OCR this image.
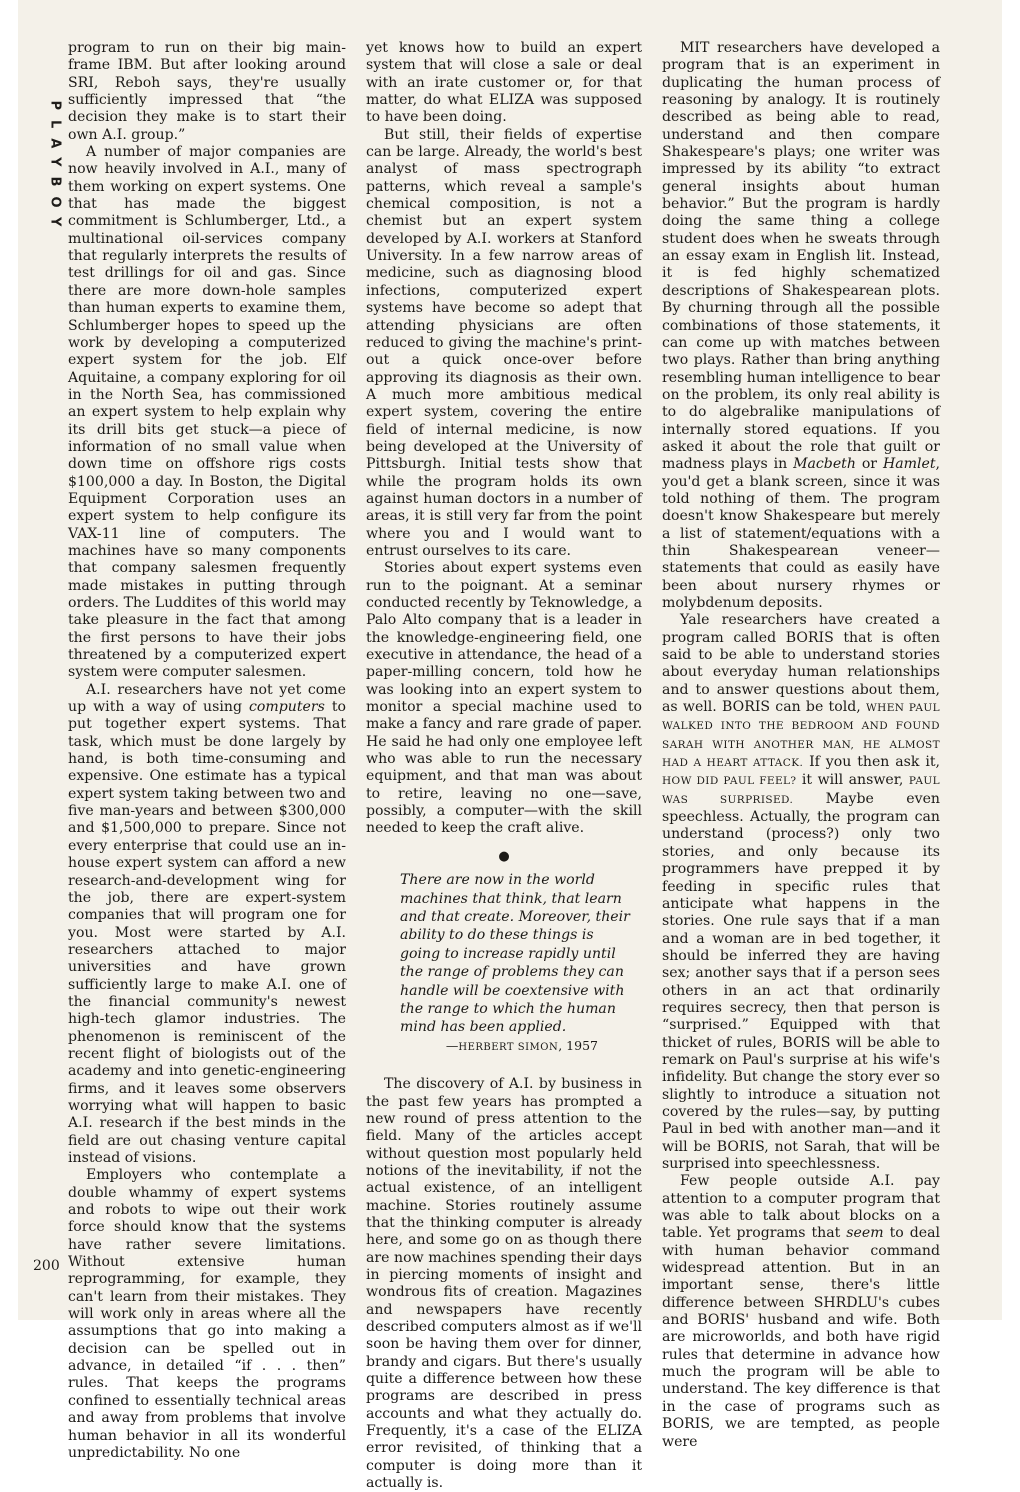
PLAYBOY
200

program to run on their big main-frame IBM. But after looking around SRI, Reboh says, they're usually sufficiently impressed that “the decision they make is to start their own A.I. group.”

A number of major companies are now heavily involved in A.I., many of them working on expert systems. One that has made the biggest commitment is Schlumberger, Ltd., a multinational oil-services company that regularly interprets the results of test drillings for oil and gas. Since there are more down-hole samples than human experts to examine them, Schlumberger hopes to speed up the work by developing a computerized expert system for the job. Elf Aquitaine, a company exploring for oil in the North Sea, has commissioned an expert system to help explain why its drill bits get stuck—a piece of information of no small value when down time on offshore rigs costs $100,000 a day. In Boston, the Digital Equipment Corporation uses an expert system to help configure its VAX-11 line of computers. The machines have so many components that company salesmen frequently made mistakes in putting through orders. The Luddites of this world may take pleasure in the fact that among the first persons to have their jobs threatened by a computerized expert system were computer salesmen.

A.I. researchers have not yet come up with a way of using computers to put together expert systems. That task, which must be done largely by hand, is both time-consuming and expensive. One estimate has a typical expert system taking between two and five man-years and between $300,000 and $1,500,000 to prepare. Since not every enterprise that could use an in-house expert system can afford a new research-and-development wing for the job, there are expert-system companies that will program one for you. Most were started by A.I. researchers attached to major universities and have grown sufficiently large to make A.I. one of the financial community's newest high-tech glamor industries. The phenomenon is reminiscent of the recent flight of biologists out of the academy and into genetic-engineering firms, and it leaves some observers worrying what will happen to basic A.I. research if the best minds in the field are out chasing venture capital instead of visions.

Employers who contemplate a double whammy of expert systems and robots to wipe out their work force should know that the systems have rather severe limitations. Without extensive human reprogramming, for example, they can't learn from their mistakes. They will work only in areas where all the assumptions that go into making a decision can be spelled out in advance, in detailed “if . . . then” rules. That keeps the programs confined to essentially technical areas and away from problems that involve human behavior in all its wonderful unpredictability. No one

yet knows how to build an expert system that will close a sale or deal with an irate customer or, for that matter, do what ELIZA was supposed to have been doing.

But still, their fields of expertise can be large. Already, the world's best analyst of mass spectrograph patterns, which reveal a sample's chemical composition, is not a chemist but an expert system developed by A.I. workers at Stanford University. In a few narrow areas of medicine, such as diagnosing blood infections, computerized expert systems have become so adept that attending physicians are often reduced to giving the machine's print-out a quick once-over before approving its diagnosis as their own. A much more ambitious medical expert system, covering the entire field of internal medicine, is now being developed at the University of Pittsburgh. Initial tests show that while the program holds its own against human doctors in a number of areas, it is still very far from the point where you and I would want to entrust ourselves to its care.

Stories about expert systems even run to the poignant. At a seminar conducted recently by Teknowledge, a Palo Alto company that is a leader in the knowledge-engineering field, one executive in attendance, the head of a paper-milling concern, told how he was looking into an expert system to monitor a special machine used to make a fancy and rare grade of paper. He said he had only one employee left who was able to run the necessary equipment, and that man was about to retire, leaving no one—save, possibly, a computer—with the skill needed to keep the craft alive.

●

There are now in the world machines that think, that learn and that create. Moreover, their ability to do these things is going to increase rapidly until the range of problems they can handle will be coextensive with the range to which the human mind has been applied.

—HERBERT SIMON, 1957

The discovery of A.I. by business in the past few years has prompted a new round of press attention to the field. Many of the articles accept without question most popularly held notions of the inevitability, if not the actual existence, of an intelligent machine. Stories routinely assume that the thinking computer is already here, and some go on as though there are now machines spending their days in piercing moments of insight and wondrous fits of creation. Magazines and newspapers have recently described computers almost as if we'll soon be having them over for dinner, brandy and cigars. But there's usually quite a difference between how these programs are described in press accounts and what they actually do. Frequently, it's a case of the ELIZA error revisited, of thinking that a computer is doing more than it actually is.

MIT researchers have developed a program that is an experiment in duplicating the human process of reasoning by analogy. It is routinely described as being able to read, understand and then compare Shakespeare's plays; one writer was impressed by its ability “to extract general insights about human behavior.” But the program is hardly doing the same thing a college student does when he sweats through an essay exam in English lit. Instead, it is fed highly schematized descriptions of Shakespearean plots. By churning through all the possible combinations of those statements, it can come up with matches between two plays. Rather than bring anything resembling human intelligence to bear on the problem, its only real ability is to do algebralike manipulations of internally stored equations. If you asked it about the role that guilt or madness plays in Macbeth or Hamlet, you'd get a blank screen, since it was told nothing of them. The program doesn't know Shakespeare but merely a list of statement/equations with a thin Shakespearean veneer—statements that could as easily have been about nursery rhymes or molybdenum deposits.

Yale researchers have created a program called BORIS that is often said to be able to understand stories about everyday human relationships and to answer questions about them, as well. BORIS can be told, WHEN PAUL WALKED INTO THE BEDROOM AND FOUND SARAH WITH ANOTHER MAN, HE ALMOST HAD A HEART ATTACK. If you then ask it, HOW DID PAUL FEEL? it will answer, PAUL WAS SURPRISED. Maybe even speechless. Actually, the program can understand (process?) only two stories, and only because its programmers have prepped it by feeding in specific rules that anticipate what happens in the stories. One rule says that if a man and a woman are in bed together, it should be inferred they are having sex; another says that if a person sees others in an act that ordinarily requires secrecy, then that person is “surprised.” Equipped with that thicket of rules, BORIS will be able to remark on Paul's surprise at his wife's infidelity. But change the story ever so slightly to introduce a situation not covered by the rules—say, by putting Paul in bed with another man—and it will be BORIS, not Sarah, that will be surprised into speechlessness.

Few people outside A.I. pay attention to a computer program that was able to talk about blocks on a table. Yet programs that seem to deal with human behavior command widespread attention. But in an important sense, there's little difference between SHRDLU's cubes and BORIS' husband and wife. Both are microworlds, and both have rigid rules that determine in advance how much the program will be able to understand. The key difference is that in the case of programs such as BORIS, we are tempted, as people were
